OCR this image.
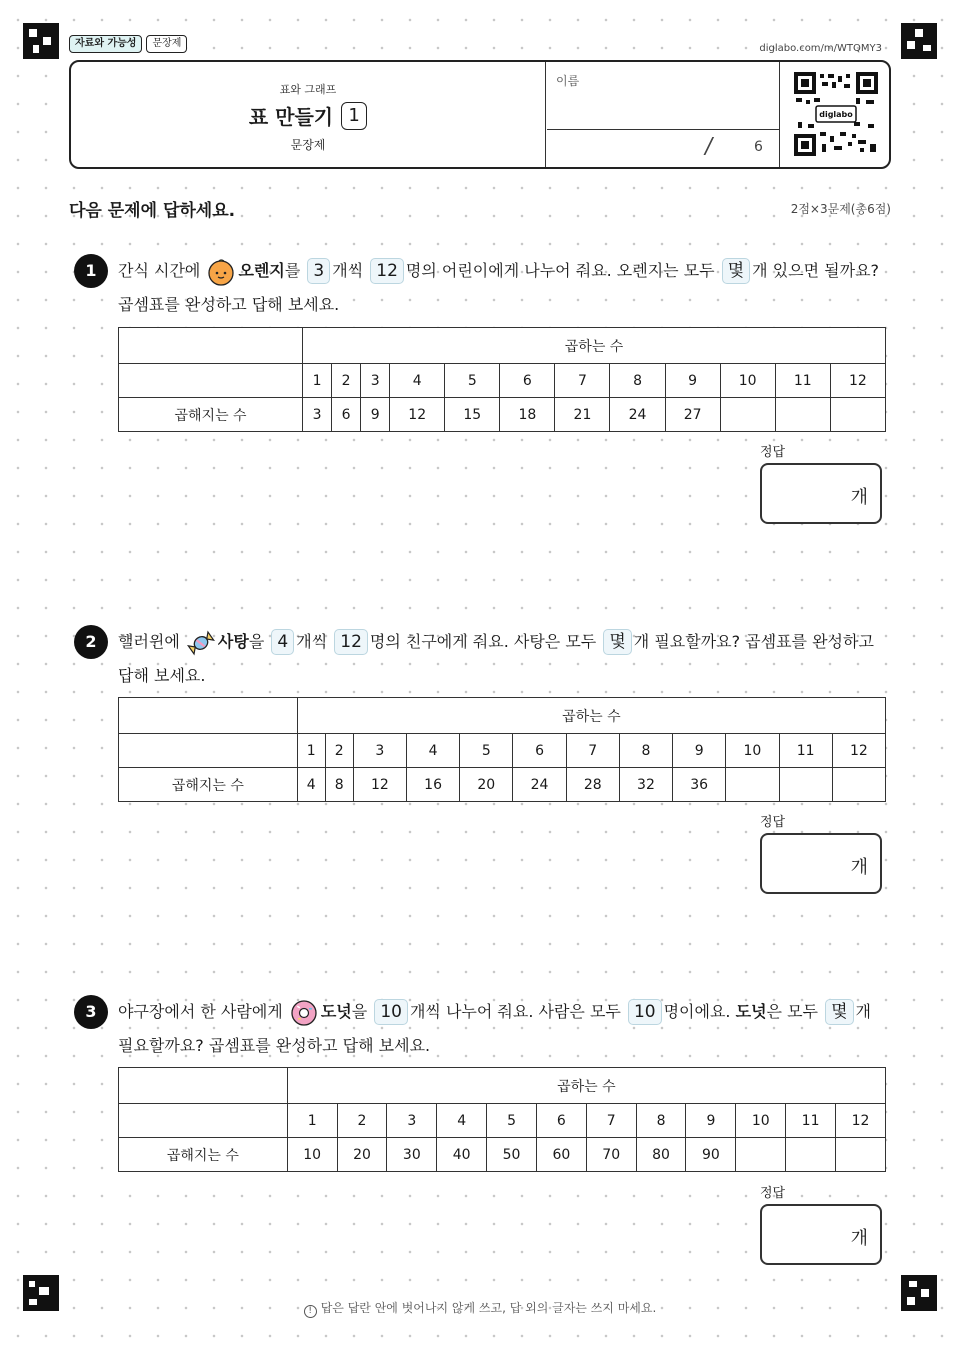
자료와 가능성	문장제	diglabo.com/m/WTQMY3
표와 그래프
표 만들기 1
문장제
이름
/	6
diglabo
다음 문제에 답하세요.	2점×3문제(총6점)
1	간식 시간에 오렌지를 3 개씩 12 명의 어린이에게 나누어 줘요. 오렌지는 모두 몇 개 있으면 될까요? 곱셈표를 완성하고 답해 보세요.
	곱하는 수											
	1	2	3	4	5	6	7	8	9	10	11	12
곱해지는 수	3	6	9	12	15	18	21	24	27			
정답
개
2	핼러윈에 사탕을 4 개씩 12 명의 친구에게 줘요. 사탕은 모두 몇 개 필요할까요? 곱셈표를 완성하고 답해 보세요.
	곱하는 수											
	1	2	3	4	5	6	7	8	9	10	11	12
곱해지는 수	4	8	12	16	20	24	28	32	36			
정답
개
3	야구장에서 한 사람에게 도넛을 10 개씩 나누어 줘요. 사람은 모두 10 명이에요. 도넛은 모두 몇 개 필요할까요? 곱셈표를 완성하고 답해 보세요.
	곱하는 수											
	1	2	3	4	5	6	7	8	9	10	11	12
곱해지는 수	10	20	30	40	50	60	70	80	90			
정답
개
! 답은 답란 안에 벗어나지 않게 쓰고, 답 외의 글자는 쓰지 마세요.
